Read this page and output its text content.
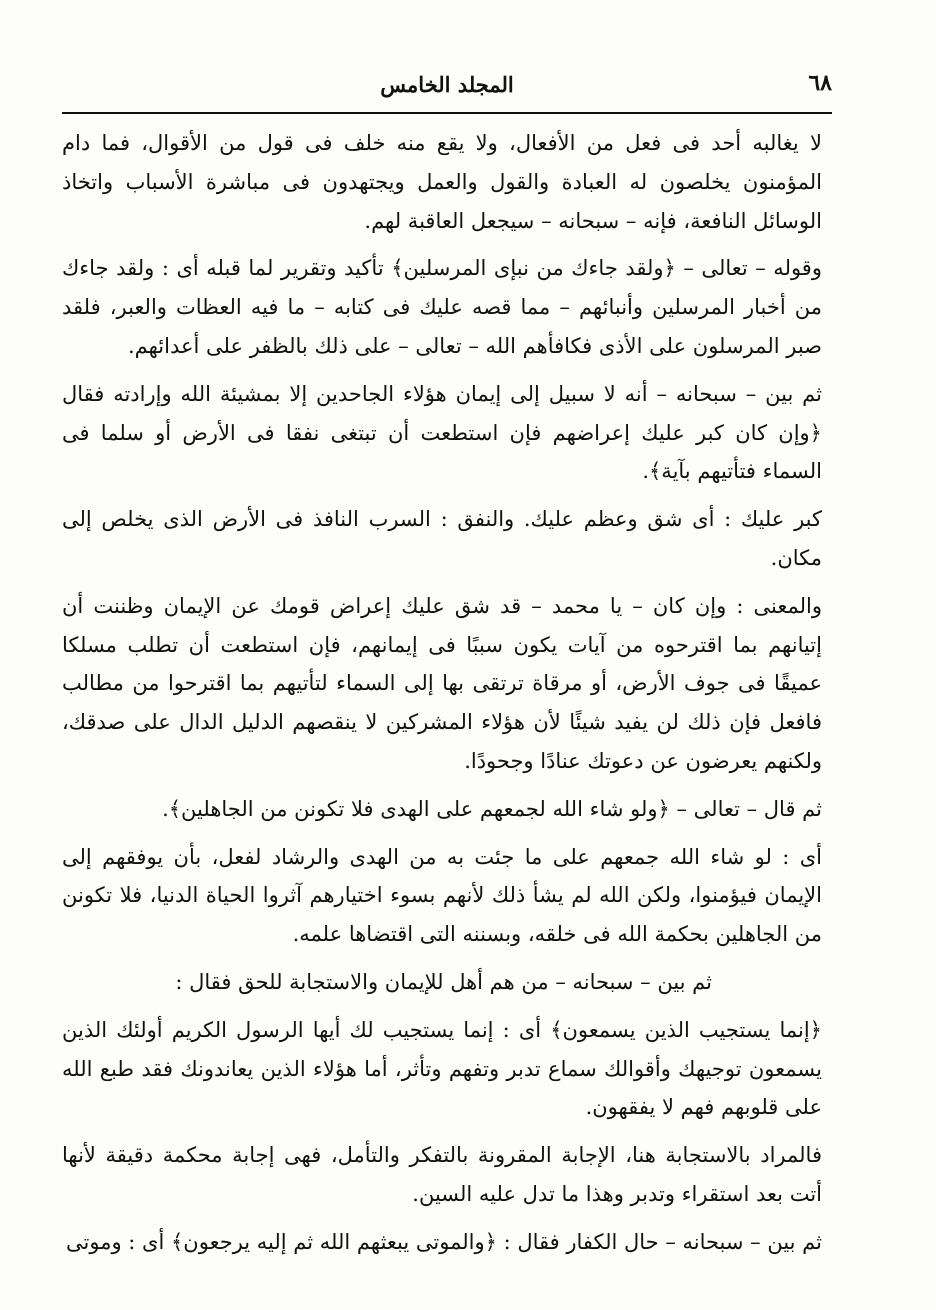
٦٨
المجلد الخامس

لا يغالبه أحد فى فعل من الأفعال، ولا يقع منه خلف فى قول من الأقوال، فما دام المؤمنون يخلصون له العبادة والقول والعمل ويجتهدون فى مباشرة الأسباب واتخاذ الوسائل النافعة، فإنه – سبحانه – سيجعل العاقبة لهم.

وقوله – تعالى – ﴿ولقد جاءك من نبإى المرسلين﴾ تأكيد وتقرير لما قبله أى : ولقد جاءك من أخبار المرسلين وأنبائهم – مما قصه عليك فى كتابه – ما فيه العظات والعبر، فلقد صبر المرسلون على الأذى فكافأهم الله – تعالى – على ذلك بالظفر على أعدائهم.

ثم بين – سبحانه – أنه لا سبيل إلى إيمان هؤلاء الجاحدين إلا بمشيئة الله وإرادته فقال ﴿وإن كان كبر عليك إعراضهم فإن استطعت أن تبتغى نفقا فى الأرض أو سلما فى السماء فتأتيهم بآية﴾.

كبر عليك : أى شق وعظم عليك. والنفق : السرب النافذ فى الأرض الذى يخلص إلى مكان.

والمعنى : وإن كان – يا محمد – قد شق عليك إعراض قومك عن الإيمان وظننت أن إتيانهم بما اقترحوه من آيات يكون سببًا فى إيمانهم، فإن استطعت أن تطلب مسلكا عميقًا فى جوف الأرض، أو مرقاة ترتقى بها إلى السماء لتأتيهم بما اقترحوا من مطالب فافعل فإن ذلك لن يفيد شيئًا لأن هؤلاء المشركين لا ينقصهم الدليل الدال على صدقك، ولكنهم يعرضون عن دعوتك عنادًا وجحودًا.

ثم قال – تعالى – ﴿ولو شاء الله لجمعهم على الهدى فلا تكونن من الجاهلين﴾.

أى : لو شاء الله جمعهم على ما جئت به من الهدى والرشاد لفعل، بأن يوفقهم إلى الإيمان فيؤمنوا، ولكن الله لم يشأ ذلك لأنهم بسوء اختيارهم آثروا الحياة الدنيا، فلا تكونن من الجاهلين بحكمة الله فى خلقه، وبسننه التى اقتضاها علمه.

ثم بين – سبحانه – من هم أهل للإيمان والاستجابة للحق فقال :

﴿إنما يستجيب الذين يسمعون﴾ أى : إنما يستجيب لك أيها الرسول الكريم أولئك الذين يسمعون توجيهك وأقوالك سماع تدبر وتفهم وتأثر، أما هؤلاء الذين يعاندونك فقد طبع الله على قلوبهم فهم لا يفقهون.

فالمراد بالاستجابة هنا، الإجابة المقرونة بالتفكر والتأمل، فهى إجابة محكمة دقيقة لأنها أتت بعد استقراء وتدبر وهذا ما تدل عليه السين.

ثم بين – سبحانه – حال الكفار فقال : ﴿والموتى يبعثهم الله ثم إليه يرجعون﴾ أى : وموتى
